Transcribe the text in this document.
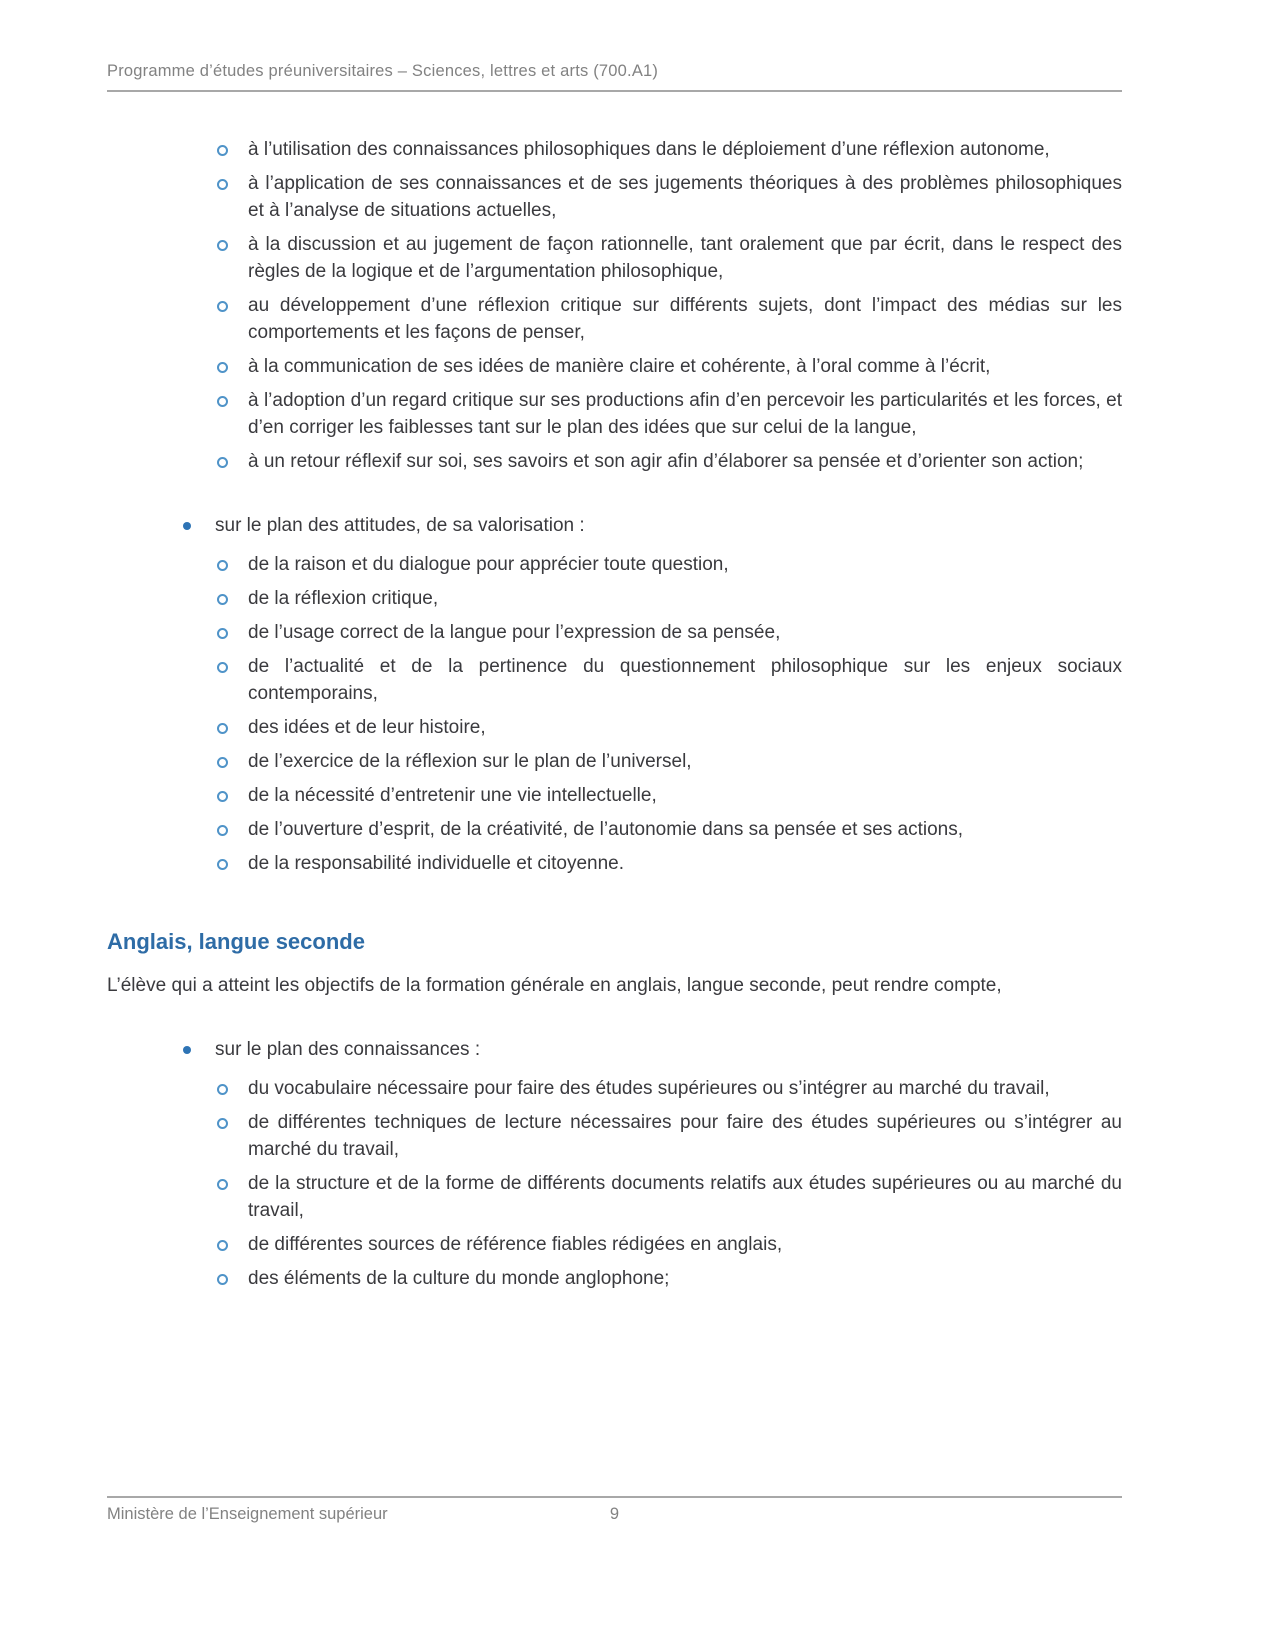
Programme d’études préuniversitaires – Sciences, lettres et arts (700.A1)
à l’utilisation des connaissances philosophiques dans le déploiement d’une réflexion autonome,
à l’application de ses connaissances et de ses jugements théoriques à des problèmes philosophiques et à l’analyse de situations actuelles,
à la discussion et au jugement de façon rationnelle, tant oralement que par écrit, dans le respect des règles de la logique et de l’argumentation philosophique,
au développement d’une réflexion critique sur différents sujets, dont l’impact des médias sur les comportements et les façons de penser,
à la communication de ses idées de manière claire et cohérente, à l’oral comme à l’écrit,
à l’adoption d’un regard critique sur ses productions afin d’en percevoir les particularités et les forces, et d’en corriger les faiblesses tant sur le plan des idées que sur celui de la langue,
à un retour réflexif sur soi, ses savoirs et son agir afin d’élaborer sa pensée et d’orienter son action;
sur le plan des attitudes, de sa valorisation :
de la raison et du dialogue pour apprécier toute question,
de la réflexion critique,
de l’usage correct de la langue pour l’expression de sa pensée,
de l’actualité et de la pertinence du questionnement philosophique sur les enjeux sociaux contemporains,
des idées et de leur histoire,
de l’exercice de la réflexion sur le plan de l’universel,
de la nécessité d’entretenir une vie intellectuelle,
de l’ouverture d’esprit, de la créativité, de l’autonomie dans sa pensée et ses actions,
de la responsabilité individuelle et citoyenne.
Anglais, langue seconde

L’élève qui a atteint les objectifs de la formation générale en anglais, langue seconde, peut rendre compte,

sur le plan des connaissances :
du vocabulaire nécessaire pour faire des études supérieures ou s’intégrer au marché du travail,
de différentes techniques de lecture nécessaires pour faire des études supérieures ou s’intégrer au marché du travail,
de la structure et de la forme de différents documents relatifs aux études supérieures ou au marché du travail,
de différentes sources de référence fiables rédigées en anglais,
des éléments de la culture du monde anglophone;
Ministère de l’Enseignement supérieur	9
